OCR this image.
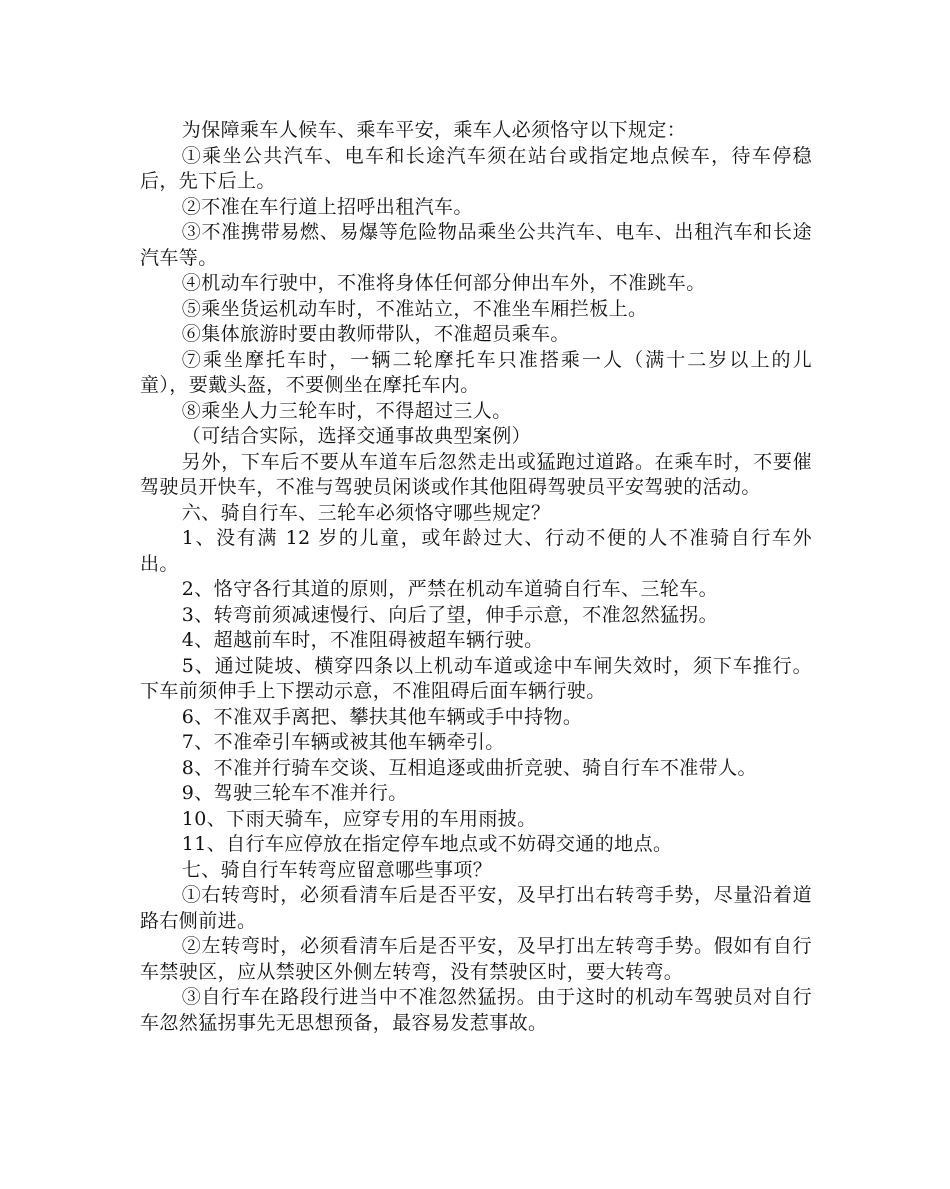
为保障乘车人候车、乘车平安，乘车人必须恪守以下规定：

①乘坐公共汽车、电车和长途汽车须在站台或指定地点候车，待车停稳后，先下后上。

②不准在车行道上招呼出租汽车。

③不准携带易燃、易爆等危险物品乘坐公共汽车、电车、出租汽车和长途汽车等。

④机动车行驶中，不准将身体任何部分伸出车外，不准跳车。

⑤乘坐货运机动车时，不准站立，不准坐车厢拦板上。

⑥集体旅游时要由教师带队，不准超员乘车。

⑦乘坐摩托车时，一辆二轮摩托车只准搭乘一人（满十二岁以上的儿童），要戴头盔，不要侧坐在摩托车内。

⑧乘坐人力三轮车时，不得超过三人。

（可结合实际，选择交通事故典型案例）

另外，下车后不要从车道车后忽然走出或猛跑过道路。在乘车时，不要催驾驶员开快车，不准与驾驶员闲谈或作其他阻碍驾驶员平安驾驶的活动。

六、骑自行车、三轮车必须恪守哪些规定？

1、没有满 12 岁的儿童，或年龄过大、行动不便的人不准骑自行车外出。

2、恪守各行其道的原则，严禁在机动车道骑自行车、三轮车。

3、转弯前须减速慢行、向后了望，伸手示意，不准忽然猛拐。

4、超越前车时，不准阻碍被超车辆行驶。

5、通过陡坡、横穿四条以上机动车道或途中车闸失效时，须下车推行。下车前须伸手上下摆动示意，不准阻碍后面车辆行驶。

6、不准双手离把、攀扶其他车辆或手中持物。

7、不准牵引车辆或被其他车辆牵引。

8、不准并行骑车交谈、互相追逐或曲折竞驶、骑自行车不准带人。

9、驾驶三轮车不准并行。

10、下雨天骑车，应穿专用的车用雨披。

11、自行车应停放在指定停车地点或不妨碍交通的地点。

七、骑自行车转弯应留意哪些事项？

①右转弯时，必须看清车后是否平安，及早打出右转弯手势，尽量沿着道路右侧前进。

②左转弯时，必须看清车后是否平安，及早打出左转弯手势。假如有自行车禁驶区，应从禁驶区外侧左转弯，没有禁驶区时，要大转弯。

③自行车在路段行进当中不准忽然猛拐。由于这时的机动车驾驶员对自行车忽然猛拐事先无思想预备，最容易发惹事故。
